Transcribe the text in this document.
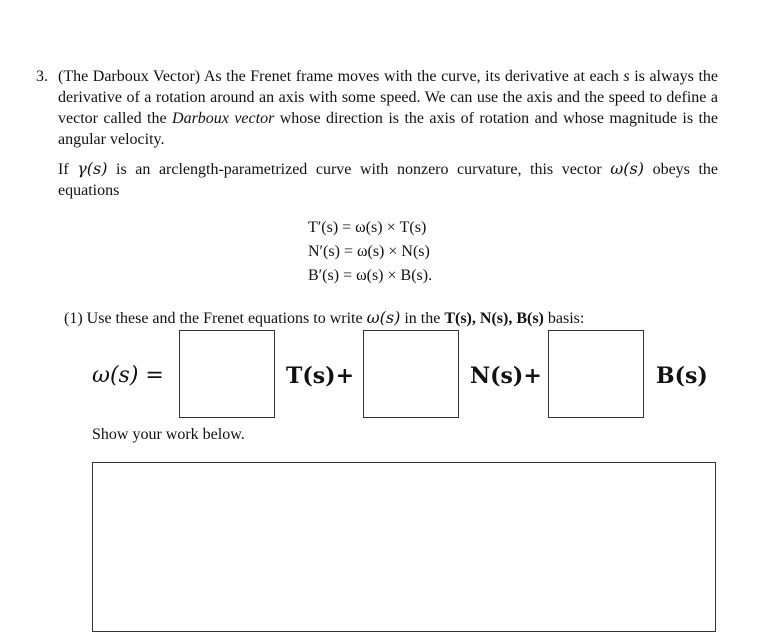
3. (The Darboux Vector) As the Frenet frame moves with the curve, its derivative at each s is always the derivative of a rotation around an axis with some speed. We can use the axis and the speed to define a vector called the Darboux vector whose direction is the axis of rotation and whose magnitude is the angular velocity.
If γ(s) is an arclength-parametrized curve with nonzero curvature, this vector ω(s) obeys the equations
T′(s) = ω(s) × T(s)
N′(s) = ω(s) × N(s)
B′(s) = ω(s) × B(s).
(1) Use these and the Frenet equations to write ω(s) in the T(s), N(s), B(s) basis:
ω(s) =	T(s)+	N(s)+	B(s)
Show your work below.
